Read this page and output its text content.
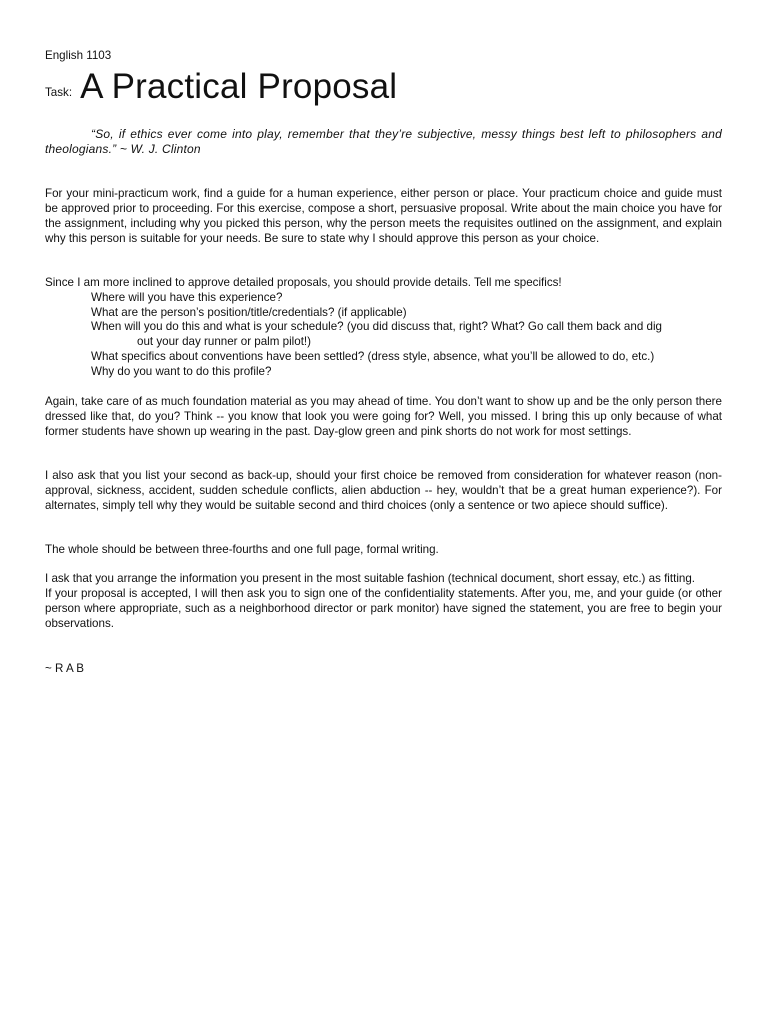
English 1103
Task: A Practical Proposal
“So, if ethics ever come into play, remember that they’re subjective, messy things best left to philosophers and theologians.” ~ W. J. Clinton

For your mini-practicum work, find a guide for a human experience, either person or place. Your practicum choice and guide must be approved prior to proceeding. For this exercise, compose a short, persuasive proposal. Write about the main choice you have for the assignment, including why you picked this person, why the person meets the requisites outlined on the assignment, and explain why this person is suitable for your needs. Be sure to state why I should approve this person as your choice.

Since I am more inclined to approve detailed proposals, you should provide details. Tell me specifics!

Where will you have this experience?
What are the person’s position/title/credentials? (if applicable)
When will you do this and what is your schedule? (you did discuss that, right? What? Go call them back and dig
out your day runner or palm pilot!)
What specifics about conventions have been settled? (dress style, absence, what you’ll be allowed to do, etc.)
Why do you want to do this profile?

Again, take care of as much foundation material as you may ahead of time. You don’t want to show up and be the only person there dressed like that, do you? Think -- you know that look you were going for? Well, you missed. I bring this up only because of what former students have shown up wearing in the past. Day-glow green and pink shorts do not work for most settings.

I also ask that you list your second as back-up, should your first choice be removed from consideration for whatever reason (non-approval, sickness, accident, sudden schedule conflicts, alien abduction -- hey, wouldn’t that be a great human experience?). For alternates, simply tell why they would be suitable second and third choices (only a sentence or two apiece should suffice).

The whole should be between three-fourths and one full page, formal writing.

I ask that you arrange the information you present in the most suitable fashion (technical document, short essay, etc.) as fitting.

If your proposal is accepted, I will then ask you to sign one of the confidentiality statements. After you, me, and your guide (or other person where appropriate, such as a neighborhood director or park monitor) have signed the statement, you are free to begin your observations.

~ R A B
